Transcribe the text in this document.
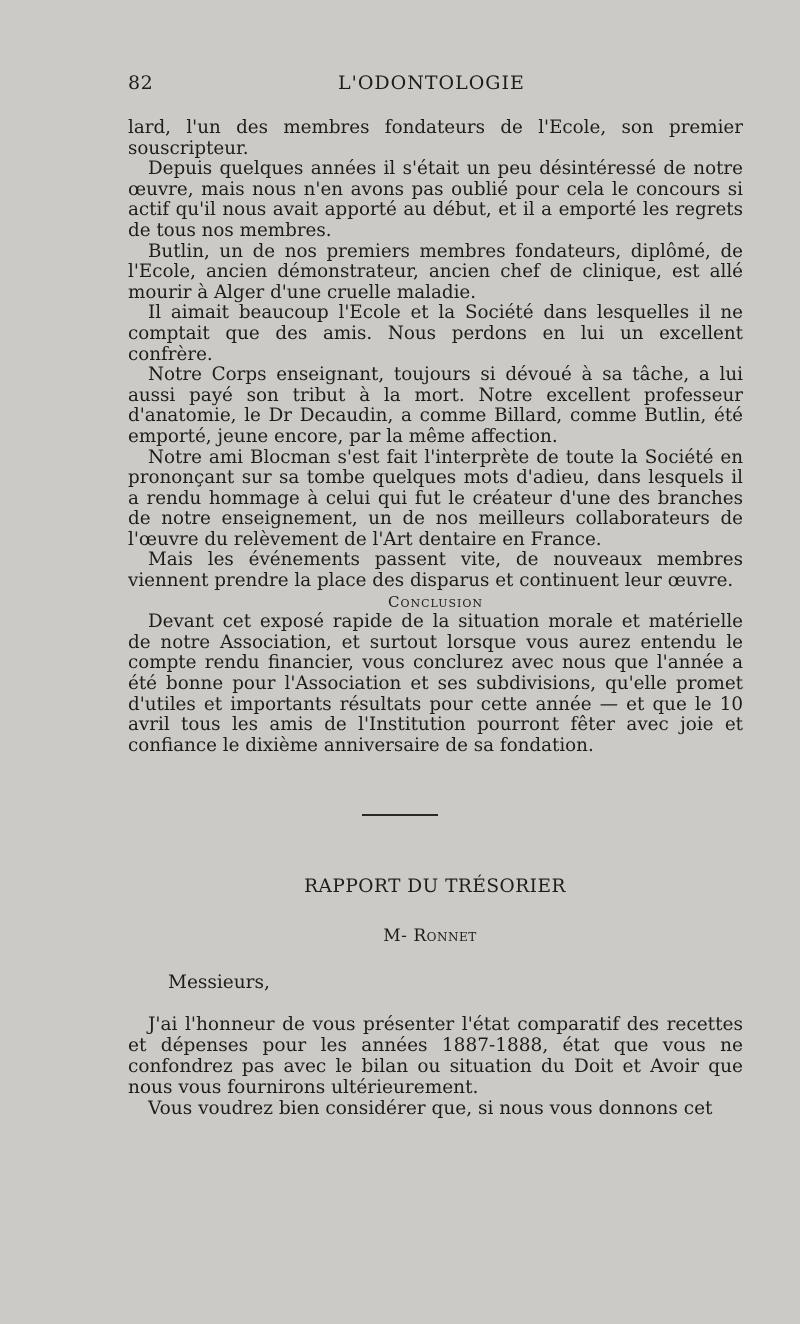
82	L'ODONTOLOGIE

lard, l'un des membres fondateurs de l'Ecole, son premier souscripteur.

Depuis quelques années il s'était un peu désintéressé de notre œuvre, mais nous n'en avons pas oublié pour cela le concours si actif qu'il nous avait apporté au début, et il a emporté les regrets de tous nos membres.

Butlin, un de nos premiers membres fondateurs, diplômé, de l'Ecole, ancien démonstrateur, ancien chef de clinique, est allé mourir à Alger d'une cruelle maladie.

Il aimait beaucoup l'Ecole et la Société dans lesquelles il ne comptait que des amis. Nous perdons en lui un excellent confrère.

Notre Corps enseignant, toujours si dévoué à sa tâche, a lui aussi payé son tribut à la mort. Notre excellent professeur d'anatomie, le Dr Decaudin, a comme Billard, comme Butlin, été emporté, jeune encore, par la même affection.

Notre ami Blocman s'est fait l'interprète de toute la Société en prononçant sur sa tombe quelques mots d'adieu, dans lesquels il a rendu hommage à celui qui fut le créateur d'une des branches de notre enseignement, un de nos meilleurs collaborateurs de l'œuvre du relèvement de l'Art dentaire en France.

Mais les événements passent vite, de nouveaux membres viennent prendre la place des disparus et continuent leur œuvre.

Conclusion

Devant cet exposé rapide de la situation morale et matérielle de notre Association, et surtout lorsque vous aurez entendu le compte rendu financier, vous conclurez avec nous que l'année a été bonne pour l'Association et ses subdivisions, qu'elle promet d'utiles et importants résultats pour cette année — et que le 10 avril tous les amis de l'Institution pourront fêter avec joie et confiance le dixième anniversaire de sa fondation.

RAPPORT DU TRÉSORIER
M- Ronnet
Messieurs,

J'ai l'honneur de vous présenter l'état comparatif des recettes et dépenses pour les années 1887-1888, état que vous ne confondrez pas avec le bilan ou situation du Doit et Avoir que nous vous fournirons ultérieurement.

Vous voudrez bien considérer que, si nous vous donnons cet
